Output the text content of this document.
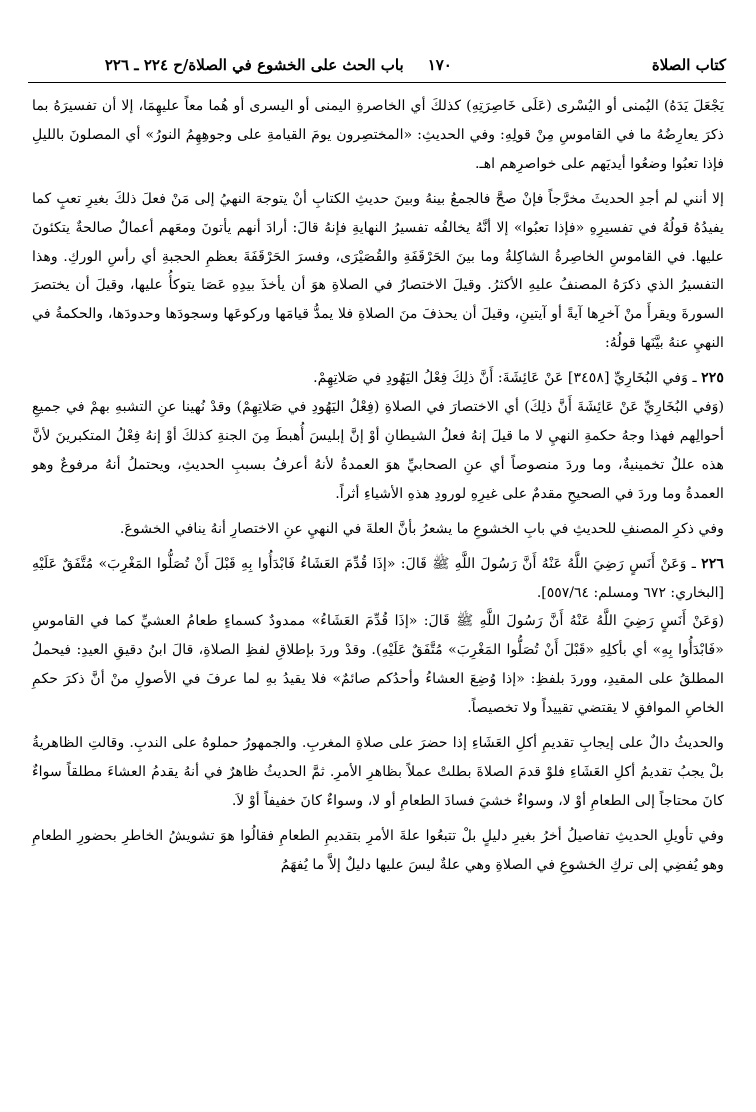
كتاب الصلاة
١٧٠
باب الحث على الخشوع في الصلاة/ح ٢٢٤ ـ ٢٢٦

يَجْعَلَ يَدَهُ) اليُمنى أو اليُسْرى (عَلَى خَاصِرَتِهِ) كذلكَ أي الخاصرةِ اليمنى أو اليسرى أو هُما معاً عليهِمَا، إلا أن تفسيرَهُ بما ذكرَ يعارِضُهُ ما في القاموسِ مِنْ قولِهِ: وفي الحديثِ: «المختصِرون يومَ القيامةِ على وجوهِهِمُ النورُ» أي المصلونَ بالليلِ فإذا تعبُوا وضعُوا أيديَهم على خواصرِهم اهـ.

إلا أنني لم أجدِ الحديثَ مخرَّجاً فإنْ صحَّ فالجمعُ بينهُ وبينَ حديثِ الكتابِ أنْ يتوجهَ النهيُ إلى مَنْ فعلَ ذلكَ بغيرِ تعبٍ كما يفيدُهُ قولُهُ في تفسيرِهِ «فإذا تعبُوا» إلا أنَّهُ يخالفُه تفسيرُ النهايةِ فإنهُ قالَ: أرادَ أنهم يأتونَ ومعَهم أعمالٌ صالحةٌ يتكئونَ عليها. في القاموسِ الخاصِرةُ الشاكِلةُ وما بينَ الحَرْقَفَةِ والقُصَيْرَى، وفسرَ الحَرْقَفَةَ بعظمِ الحجبةِ أي رأسِ الوركِ. وهذا التفسيرُ الذي ذكرَهُ المصنفُ عليهِ الأكثرُ. وقيلَ الاختصارُ في الصلاةِ هوَ أن يأخذَ بيدِهِ عَصَا يتوكأُ عليها، وقيلَ أن يختصرَ السورةَ ويقرأَ منْ آخرِها آيةً أو آيتينِ، وقيلَ أن يحذفَ منَ الصلاةِ فلا يمدُّ قيامَها وركوعَها وسجودَها وحدودَها، والحكمةُ في النهيِ عنهُ بيَّنَها قولُهُ:

٢٢٥ ـ وَفي البُخَارِيِّ [٣٤٥٨] عَنْ عَائِشَةَ: أَنَّ ذلِكَ فِعْلُ اليَهُودِ في صَلاتِهِمْ.

(وَفي البُخَارِيِّ عَنْ عَائِشَةَ أَنَّ ذلِكَ) أي الاختصارَ في الصلاةِ (فِعْلُ اليَهُودِ في صَلاتِهِمْ) وقدْ نُهينا عنِ التشبهِ بهمْ في جميعِ أحوالِهم فهذا وجهُ حكمةِ النهيِ لا ما قيلَ إنهُ فعلُ الشيطانِ أوْ إنَّ إبليسَ أُهبطَ مِنَ الجنةِ كذلكَ أوْ إنهُ فِعْلُ المتكبرينَ لأنَّ هذه عللٌ تخمينيةٌ، وما وردَ منصوصاً أي عنِ الصحابيِّ هوَ العمدةُ لأنهُ أعرفُ بسببِ الحديثِ، ويحتملُ أنهُ مرفوعٌ وهو العمدةُ وما وردَ في الصحيحِ مقدمٌ على غيرِهِ لورودِ هذهِ الأشياءِ أثراً.

وفي ذكرِ المصنفِ للحديثِ في بابِ الخشوعِ ما يشعرُ بأنَّ العلةَ في النهيِ عنِ الاختصارِ أنهُ ينافي الخشوعَ.

٢٢٦ ـ وَعَنْ أَنَسٍ رَضِيَ اللَّهُ عَنْهُ أَنَّ رَسُولَ اللَّهِ ﷺ قَالَ: «إذَا قُدِّمَ العَشَاءُ فَابْدَأُوا بِهِ قَبْلَ أَنْ تُصَلُّوا المَغْرِبَ» مُتَّفَقٌ عَلَيْهِ [البخاري: ٦٧٢ ومسلم: ٥٥٧/٦٤].

(وَعَنْ أَنَسٍ رَضِيَ اللَّهُ عَنْهُ أَنَّ رَسُولَ اللَّهِ ﷺ قَالَ: «إذَا قُدِّمَ العَشَاءُ» ممدودٌ كسماءٍ طعامُ العشيِّ كما في القاموسِ «فَابْدَأُوا بِهِ» أي بأكلِهِ «قَبْلَ أَنْ تُصَلُّوا المَغْرِبَ» مُتَّفَقٌ عَلَيْهِ). وقدْ وردَ بإطلاقِ لفظِ الصلاةِ، قالَ ابنُ دقيقِ العيدِ: فيحملُ المطلقُ على المقيدِ، ووردَ بلفظِ: «إذا وُضِعَ العشاءُ وأحدُكم صائمٌ» فلا يقيدُ بهِ لما عرفَ في الأصولِ منْ أنَّ ذكرَ حكمِ الخاصِ الموافقِ لا يقتضي تقييداً ولا تخصيصاً.

والحديثُ دالٌ على إيجابِ تقديمِ أكلِ العَشَاءِ إذا حضرَ على صلاةِ المغربِ. والجمهورُ حملوهُ على الندبِ. وقالتِ الظاهريةُ بلْ يجبُ تقديمُ أكلِ العَشَاءِ فلوْ قدمَ الصلاةَ بطلتْ عملاً بظاهرِ الأمرِ. ثمَّ الحديثُ ظاهرٌ في أنهُ يقدمُ العشاءَ مطلقاً سواءٌ كانَ محتاجاً إلى الطعامِ أوْ لا، وسواءٌ خشيَ فسادَ الطعامِ أو لا، وسواءٌ كانَ خفيفاً أوْ لاَ.

وفي تأويلِ الحديثِ تفاصيلُ أخرُ بغيرِ دليلٍ بلْ تتبعُوا علةَ الأمرِ بتقديمِ الطعامِ فقالُوا هوَ تشويشُ الخاطرِ بحضورِ الطعامِ وهو يُفضِي إلى تركِ الخشوعِ في الصلاةِ وهي علةٌ ليسَ عليها دليلٌ إلاَّ ما يُفهَمُ
